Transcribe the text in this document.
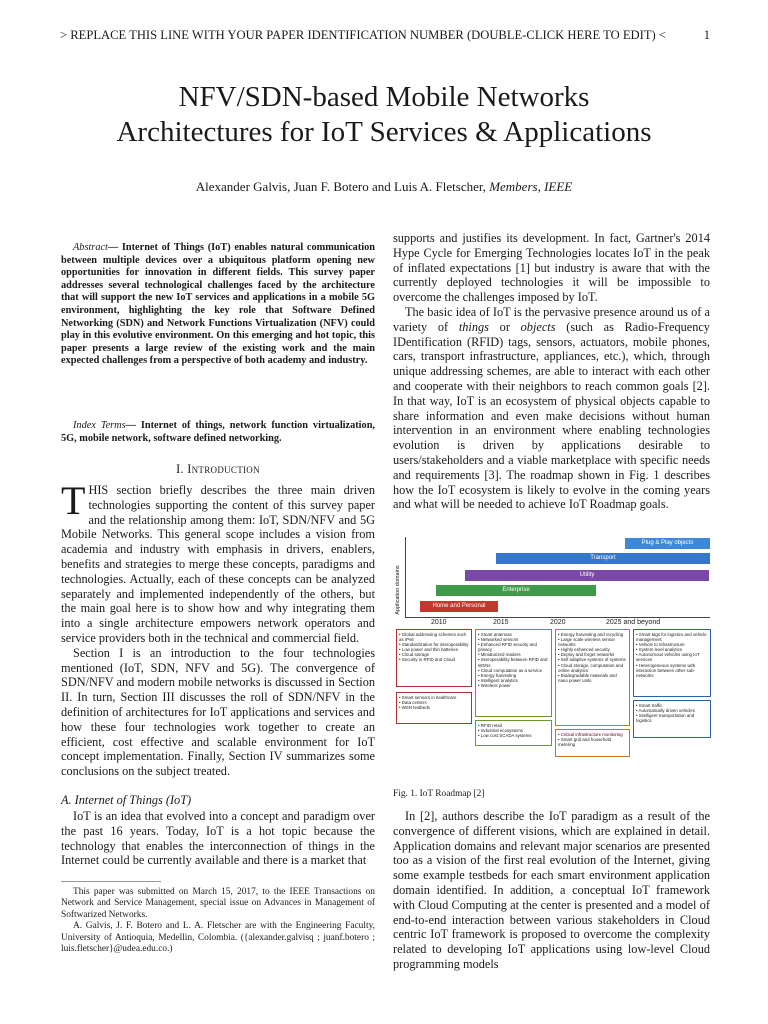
> REPLACE THIS LINE WITH YOUR PAPER IDENTIFICATION NUMBER (DOUBLE-CLICK HERE TO EDIT) <	1
NFV/SDN-based Mobile Networks
Architectures for IoT Services & Applications
Alexander Galvis, Juan F. Botero and Luis A. Fletscher, Members, IEEE
Abstract— Internet of Things (IoT) enables natural communication between multiple devices over a ubiquitous platform opening new opportunities for innovation in different fields. This survey paper addresses several technological challenges faced by the architecture that will support the new IoT services and applications in a mobile 5G environment, highlighting the key role that Software Defined Networking (SDN) and Network Functions Virtualization (NFV) could play in this evolutive environment. On this emerging and hot topic, this paper presents a large review of the existing work and the main expected challenges from a perspective of both academy and industry.
Index Terms— Internet of things, network function virtualization, 5G, mobile network, software defined networking.
I. Introduction

THIS section briefly describes the three main driven technologies supporting the content of this survey paper and the relationship among them: IoT, SDN/NFV and 5G Mobile Networks. This general scope includes a vision from academia and industry with emphasis in drivers, enablers, benefits and strategies to merge these concepts, paradigms and technologies. Actually, each of these concepts can be analyzed separately and implemented independently of the others, but the main goal here is to show how and why integrating them into a single architecture empowers network operators and service providers both in the technical and commercial field.

Section I is an introduction to the four technologies mentioned (IoT, SDN, NFV and 5G). The convergence of SDN/NFV and modern mobile networks is discussed in Section II. In turn, Section III discusses the roll of SDN/NFV in the definition of architectures for IoT applications and services and how these four technologies work together to create an efficient, cost effective and scalable environment for IoT concept implementation. Finally, Section IV summarizes some conclusions on the subject treated.

A. Internet of Things (IoT)
IoT is an idea that evolved into a concept and paradigm over the past 16 years. Today, IoT is a hot topic because the technology that enables the interconnection of things in the Internet could be currently available and there is a market that

This paper was submitted on March 15, 2017, to the IEEE Transactions on Network and Service Management, special issue on Advances in Management of Softwarized Networks.

A. Galvis, J. F. Botero and L. A. Fletscher are with the Engineering Faculty, University of Antioquia, Medellin, Colombia. ({alexander.galvisq ; juanf.botero ; luis.fletscher}@udea.edu.co.)

supports and justifies its development. In fact, Gartner's 2014 Hype Cycle for Emerging Technologies locates IoT in the peak of inflated expectations [1] but industry is aware that with the currently deployed technologies it will be impossible to overcome the challenges imposed by IoT.

The basic idea of IoT is the pervasive presence around us of a variety of things or objects (such as Radio-Frequency IDentification (RFID) tags, sensors, actuators, mobile phones, cars, transport infrastructure, appliances, etc.), which, through unique addressing schemes, are able to interact with each other and cooperate with their neighbors to reach common goals [2]. In that way, IoT is an ecosystem of physical objects capable to share information and even make decisions without human intervention in an environment where enabling technologies evolution is driven by applications desirable to users/stakeholders and a viable marketplace with specific needs and requirements [3]. The roadmap shown in Fig. 1 describes how the IoT ecosystem is likely to evolve in the coming years and what will be needed to achieve IoT Roadmap goals.

Application domains
Plug & Play objects
Transport
Utility
Enterprise
Home and Personal
2010	2015	2020	2025 and beyond
• Global addressing schemes such as IPv6
• Standardization for interoperability
• Low power and thin batteries
• Cloud storage
• Security in RFID and Cloud
• Smart sensors in healthcare
• Data centers
• WSN testbeds
• Smart antennas
• Networked sensors
• Enhanced RFID security and privacy
• Miniaturized readers
• Interoperability between RFID and WSNs
• Cloud computation as a service
• Energy harvesting
• Intelligent analytics
• Wireless power
• RFID retail
• Industrial ecosystems
• Low cost SCADA systems
• Energy harvesting and recycling
• Large scale wireless sensor networks
• Highly enhanced security
• Deploy and forget networks
• Self adaptive systems of systems
• Cloud storage, computation and online analytics
• Biodegradable materials and nano power units
• Critical infrastructure monitoring
• Smart grid and household metering
• Smart tags for logistics and vehicle management
• Vehicle to infrastructure
• System level analytics
• Autonomous vehicles using IoT services
• Heterogeneous systems with interaction between other sub-networks
• Smart traffic
• Automatically driven vehicles
• Intelligent transportation and logistics
Fig. 1. IoT Roadmap [2]
In [2], authors describe the IoT paradigm as a result of the convergence of different visions, which are explained in detail. Application domains and relevant major scenarios are presented too as a vision of the first real evolution of the Internet, giving some example testbeds for each smart environment application domain identified. In addition, a conceptual IoT framework with Cloud Computing at the center is presented and a model of end-to-end interaction between various stakeholders in Cloud centric IoT framework is proposed to overcome the complexity related to developing IoT applications using low-level Cloud programming models
